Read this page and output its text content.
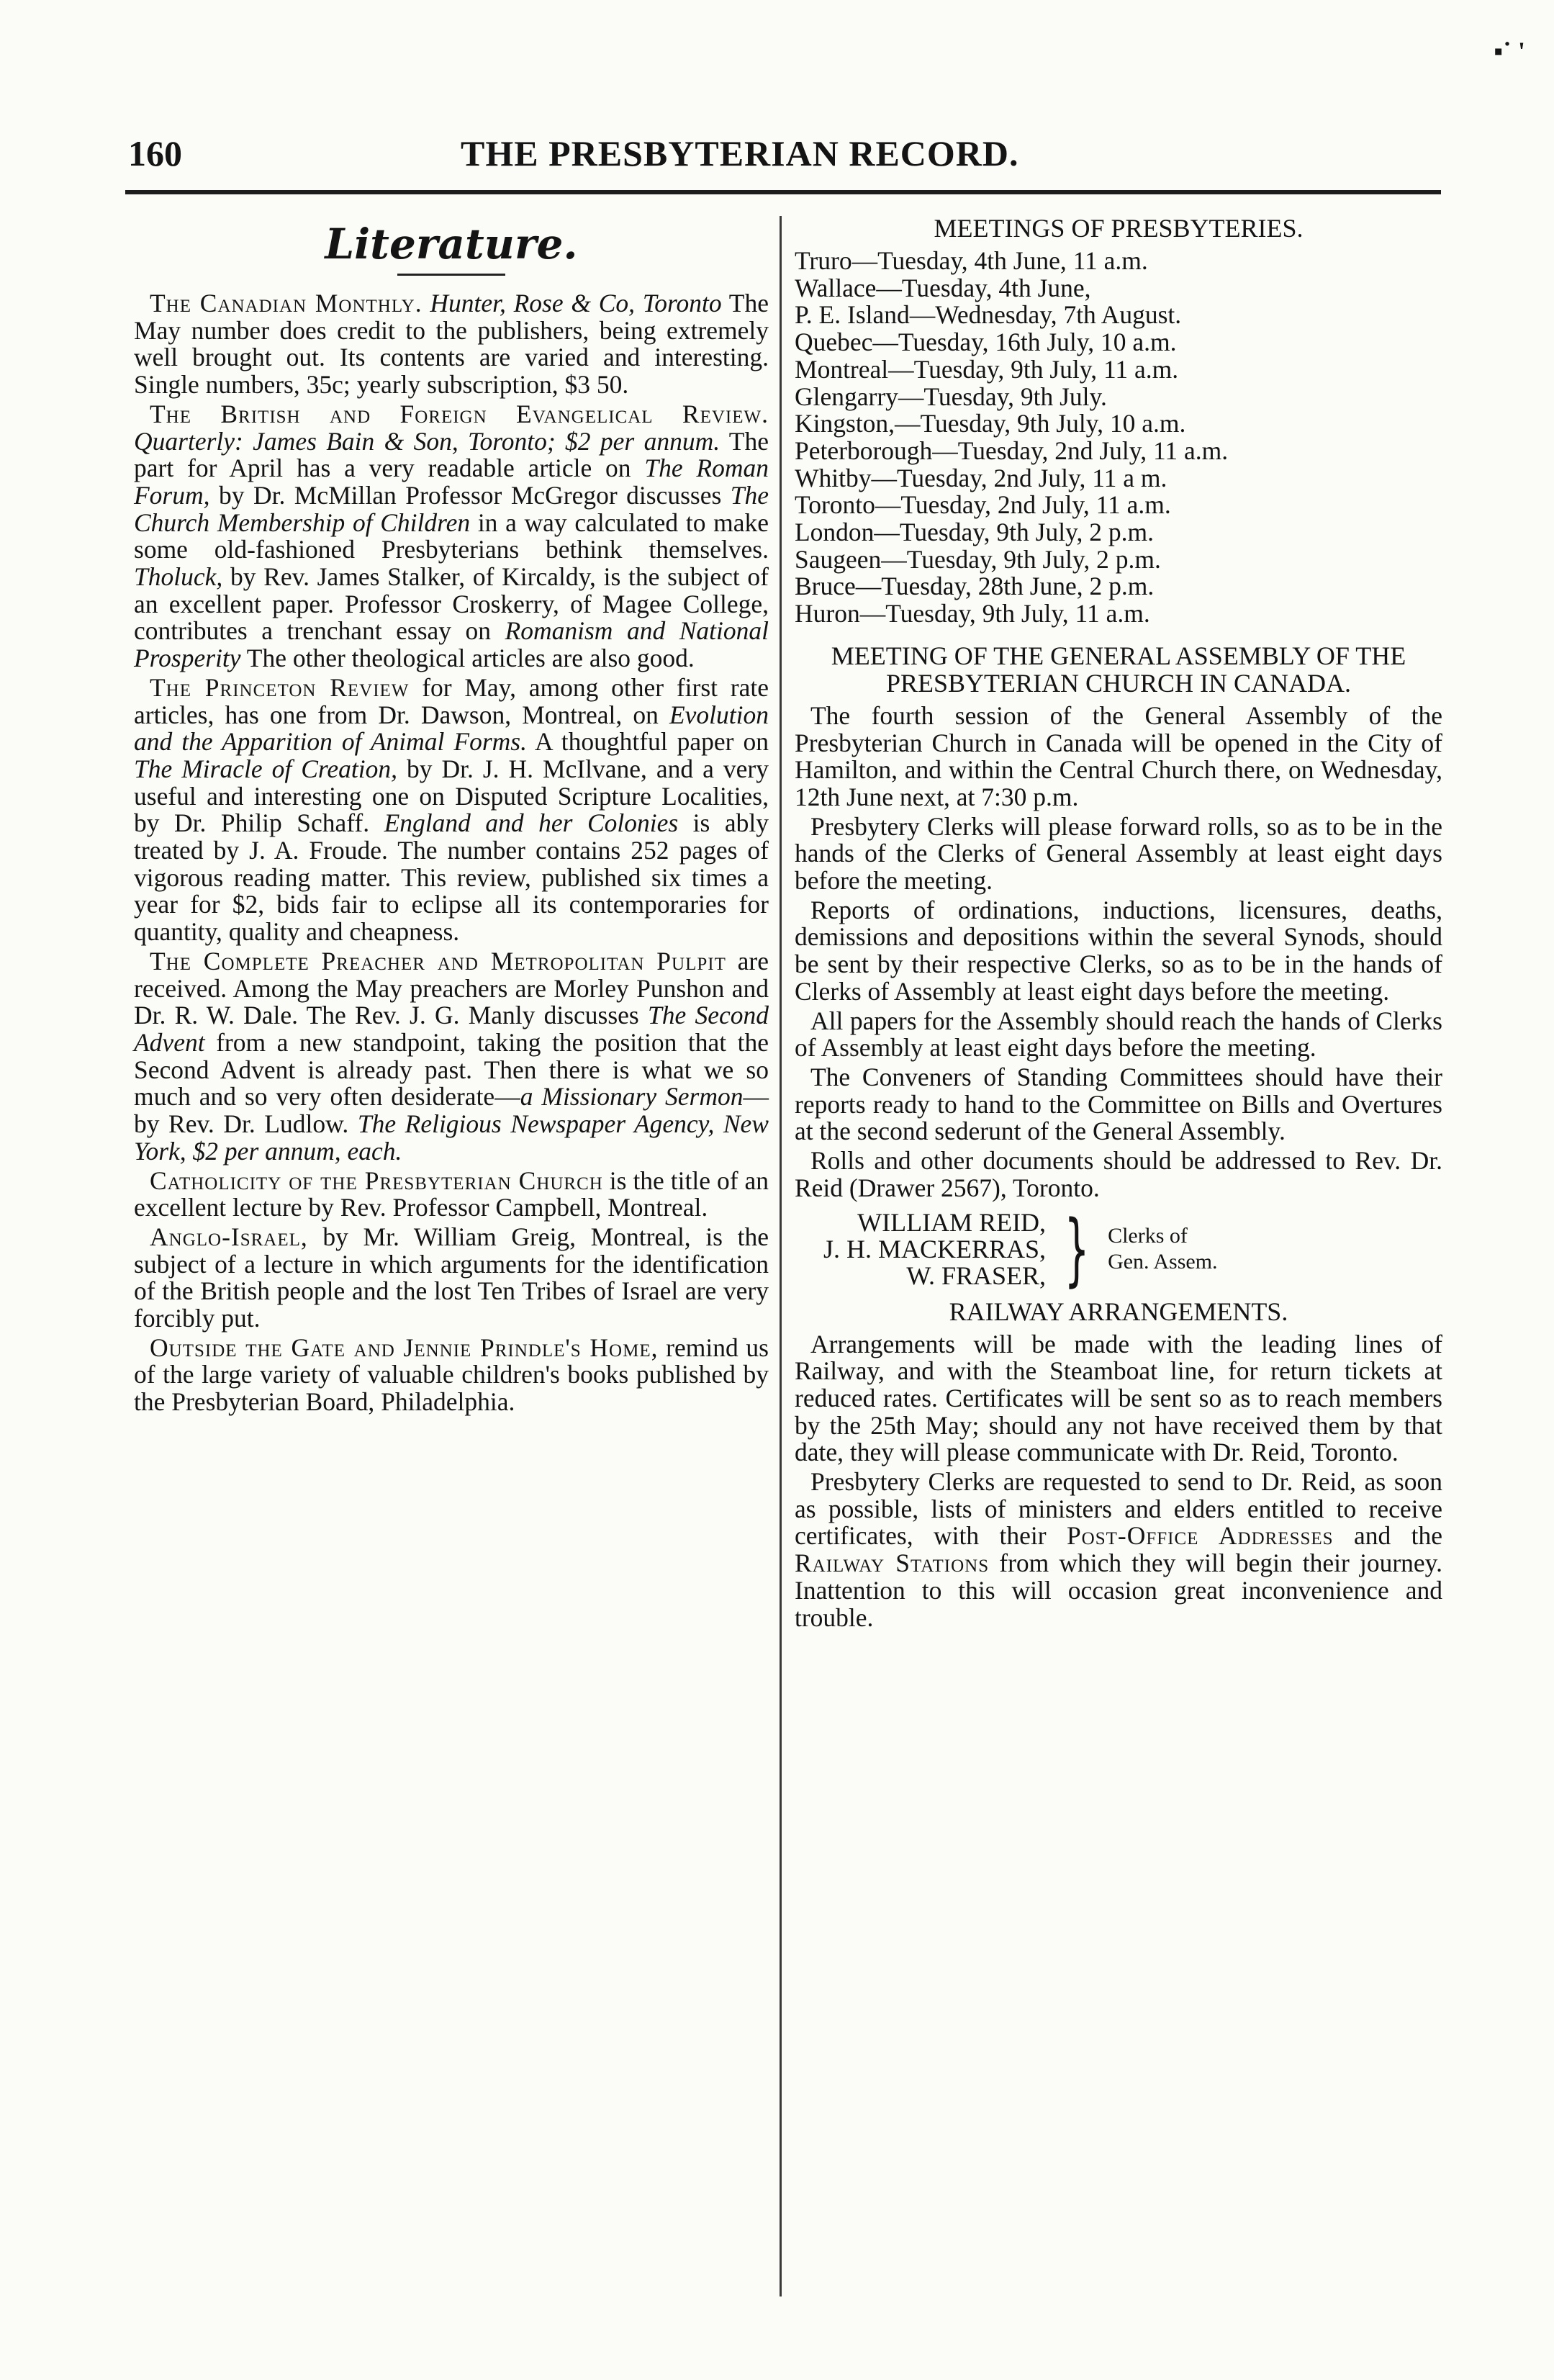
▪˙ '
160	THE PRESBYTERIAN RECORD.
Literature.

The Canadian Monthly. Hunter, Rose & Co, Toronto The May number does credit to the publishers, being extremely well brought out. Its contents are varied and interesting. Single numbers, 35c; yearly subscription, $3 50.

The British and Foreign Evangelical Review. Quarterly: James Bain & Son, Toronto; $2 per annum. The part for April has a very readable article on The Roman Forum, by Dr. McMillan Professor McGregor discusses The Church Membership of Children in a way calculated to make some old-fashioned Presbyterians bethink themselves. Tholuck, by Rev. James Stalker, of Kircaldy, is the subject of an excellent paper. Professor Croskerry, of Magee College, contributes a trenchant essay on Romanism and National Prosperity The other theological articles are also good.

The Princeton Review for May, among other first rate articles, has one from Dr. Dawson, Montreal, on Evolution and the Apparition of Animal Forms. A thoughtful paper on The Miracle of Creation, by Dr. J. H. McIlvane, and a very useful and interesting one on Disputed Scripture Localities, by Dr. Philip Schaff. England and her Colonies is ably treated by J. A. Froude. The number contains 252 pages of vigorous reading matter. This review, published six times a year for $2, bids fair to eclipse all its contemporaries for quantity, quality and cheapness.

The Complete Preacher and Metropolitan Pulpit are received. Among the May preachers are Morley Punshon and Dr. R. W. Dale. The Rev. J. G. Manly discusses The Second Advent from a new standpoint, taking the position that the Second Advent is already past. Then there is what we so much and so very often desiderate—a Missionary Sermon—by Rev. Dr. Ludlow. The Religious Newspaper Agency, New York, $2 per annum, each.

Catholicity of the Presbyterian Church is the title of an excellent lecture by Rev. Professor Campbell, Montreal.

Anglo-Israel, by Mr. William Greig, Montreal, is the subject of a lecture in which arguments for the identification of the British people and the lost Ten Tribes of Israel are very forcibly put.

Outside the Gate and Jennie Prindle's Home, remind us of the large variety of valuable children's books published by the Presbyterian Board, Philadelphia.

MEETINGS OF PRESBYTERIES.
Truro—Tuesday, 4th June, 11 a.m.
Wallace—Tuesday, 4th June,
P. E. Island—Wednesday, 7th August.
Quebec—Tuesday, 16th July, 10 a.m.
Montreal—Tuesday, 9th July, 11 a.m.
Glengarry—Tuesday, 9th July.
Kingston,—Tuesday, 9th July, 10 a.m.
Peterborough—Tuesday, 2nd July, 11 a.m.
Whitby—Tuesday, 2nd July, 11 a m.
Toronto—Tuesday, 2nd July, 11 a.m.
London—Tuesday, 9th July, 2 p.m.
Saugeen—Tuesday, 9th July, 2 p.m.
Bruce—Tuesday, 28th June, 2 p.m.
Huron—Tuesday, 9th July, 11 a.m.
MEETING OF THE GENERAL ASSEMBLY OF THE PRESBYTERIAN CHURCH IN CANADA.

The fourth session of the General Assembly of the Presbyterian Church in Canada will be opened in the City of Hamilton, and within the Central Church there, on Wednesday, 12th June next, at 7:30 p.m.

Presbytery Clerks will please forward rolls, so as to be in the hands of the Clerks of General Assembly at least eight days before the meeting.

Reports of ordinations, inductions, licensures, deaths, demissions and depositions within the several Synods, should be sent by their respective Clerks, so as to be in the hands of Clerks of Assembly at least eight days before the meeting.

All papers for the Assembly should reach the hands of Clerks of Assembly at least eight days before the meeting.

The Conveners of Standing Committees should have their reports ready to hand to the Committee on Bills and Overtures at the second sederunt of the General Assembly.

Rolls and other documents should be addressed to Rev. Dr. Reid (Drawer 2567), Toronto.

WILLIAM REID,
J. H. MACKERRAS,
W. FRASER, } Clerks of
Gen. Assem.
RAILWAY ARRANGEMENTS.

Arrangements will be made with the leading lines of Railway, and with the Steamboat line, for return tickets at reduced rates. Certificates will be sent so as to reach members by the 25th May; should any not have received them by that date, they will please communicate with Dr. Reid, Toronto.

Presbytery Clerks are requested to send to Dr. Reid, as soon as possible, lists of ministers and elders entitled to receive certificates, with their Post-Office Addresses and the Railway Stations from which they will begin their journey. Inattention to this will occasion great inconvenience and trouble.
